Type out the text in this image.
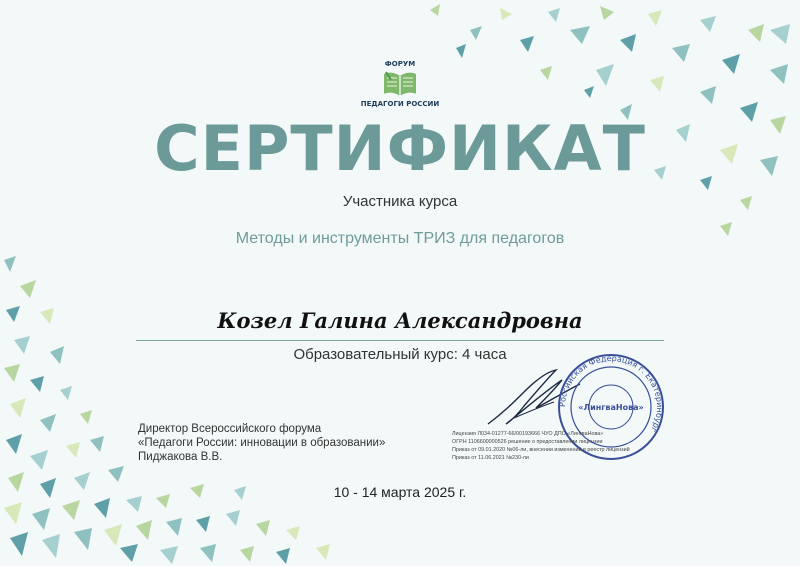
ФОРУМ
ПЕДАГОГИ РОССИИ
СЕРТИФИКАТ
Участника курса
Методы и инструменты ТРИЗ для педагогов
Козел Галина Александровна
Образовательный курс: 4 часа
Директор Всероссийского форума
«Педагоги России: инновации в образовании»
Пиджакова В.В.
Российская Федерация г. Екатеринбург
«ЛингваНова»
Лицензия Л034-01277-66/00193666 ЧУО ДПО «ЛингваНова»
ОГРН 1106600000526 решение о предоставлении лицензии
Приказ от 09.01.2020 №06-ли, внесении изменений в реестр лицензий
Приказ от 11.06.2021 №230-ли
10 - 14 марта 2025 г.
